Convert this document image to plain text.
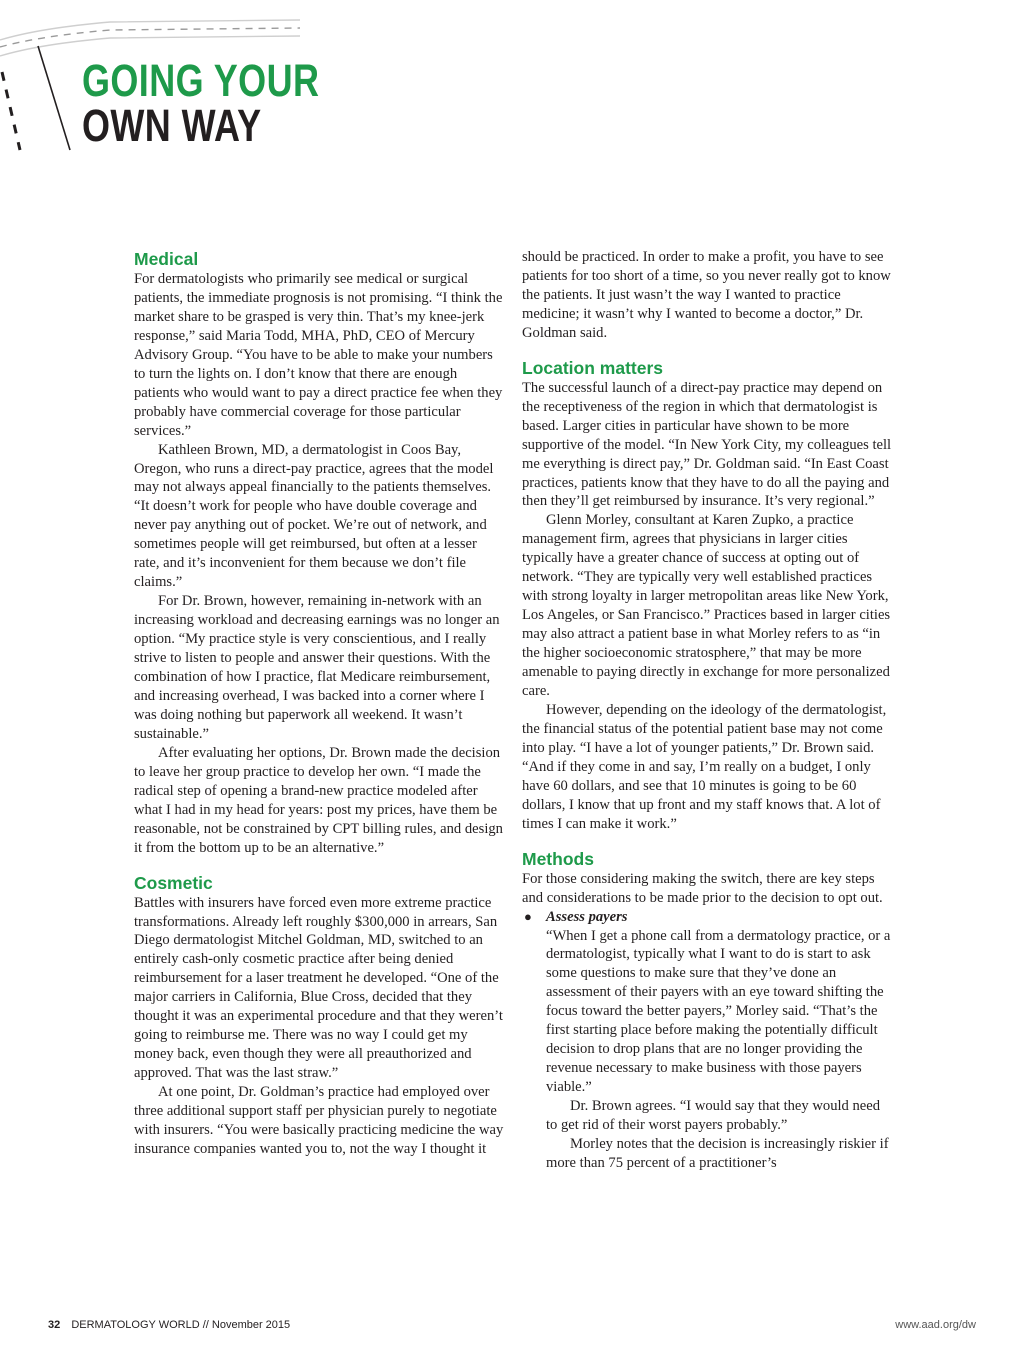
GOING YOUR
OWN WAY
Medical

For dermatologists who primarily see medical or surgical patients, the immediate prognosis is not promising. “I think the market share to be grasped is very thin. That’s my knee-jerk response,” said Maria Todd, MHA, PhD, CEO of Mercury Advisory Group. “You have to be able to make your numbers to turn the lights on. I don’t know that there are enough patients who would want to pay a direct practice fee when they probably have commercial coverage for those particular services.”

Kathleen Brown, MD, a dermatologist in Coos Bay, Oregon, who runs a direct-pay practice, agrees that the model may not always appeal financially to the patients themselves. “It doesn’t work for people who have double coverage and never pay anything out of pocket. We’re out of network, and sometimes people will get reimbursed, but often at a lesser rate, and it’s inconvenient for them because we don’t file claims.”

For Dr. Brown, however, remaining in-network with an increasing workload and decreasing earnings was no longer an option. “My practice style is very conscientious, and I really strive to listen to people and answer their questions. With the combination of how I practice, flat Medicare reimbursement, and increasing overhead, I was backed into a corner where I was doing nothing but paperwork all weekend. It wasn’t sustainable.”

After evaluating her options, Dr. Brown made the decision to leave her group practice to develop her own. “I made the radical step of opening a brand-new practice modeled after what I had in my head for years: post my prices, have them be reasonable, not be constrained by CPT billing rules, and design it from the bottom up to be an alternative.”

Cosmetic

Battles with insurers have forced even more extreme practice transformations. Already left roughly $300,000 in arrears, San Diego dermatologist Mitchel Goldman, MD, switched to an entirely cash-only cosmetic practice after being denied reimbursement for a laser treatment he developed. “One of the major carriers in California, Blue Cross, decided that they thought it was an experimental procedure and that they weren’t going to reimburse me. There was no way I could get my money back, even though they were all preauthorized and approved. That was the last straw.”

At one point, Dr. Goldman’s practice had employed over three additional support staff per physician purely to negotiate with insurers. “You were basically practicing medicine the way insurance companies wanted you to, not the way I thought it

should be practiced. In order to make a profit, you have to see patients for too short of a time, so you never really got to know the patients. It just wasn’t the way I wanted to practice medicine; it wasn’t why I wanted to become a doctor,” Dr. Goldman said.

Location matters

The successful launch of a direct-pay practice may depend on the receptiveness of the region in which that dermatologist is based. Larger cities in particular have shown to be more supportive of the model. “In New York City, my colleagues tell me everything is direct pay,” Dr. Goldman said. “In East Coast practices, patients know that they have to do all the paying and then they’ll get reimbursed by insurance. It’s very regional.”

Glenn Morley, consultant at Karen Zupko, a practice management firm, agrees that physicians in larger cities typically have a greater chance of success at opting out of network. “They are typically very well established practices with strong loyalty in larger metropolitan areas like New York, Los Angeles, or San Francisco.” Practices based in larger cities may also attract a patient base in what Morley refers to as “in the higher socioeconomic stratosphere,” that may be more amenable to paying directly in exchange for more personalized care.

However, depending on the ideology of the dermatologist, the financial status of the potential patient base may not come into play. “I have a lot of younger patients,” Dr. Brown said. “And if they come in and say, I’m really on a budget, I only have 60 dollars, and see that 10 minutes is going to be 60 dollars, I know that up front and my staff knows that. A lot of times I can make it work.”

Methods

For those considering making the switch, there are key steps and considerations to be made prior to the decision to opt out.

● Assess payers

“When I get a phone call from a dermatology practice, or a dermatologist, typically what I want to do is start to ask some questions to make sure that they’ve done an assessment of their payers with an eye toward shifting the focus toward the better payers,” Morley said. “That’s the first starting place before making the potentially difficult decision to drop plans that are no longer providing the revenue necessary to make business with those payers viable.”

Dr. Brown agrees. “I would say that they would need to get rid of their worst payers probably.”

Morley notes that the decision is increasingly riskier if more than 75 percent of a practitioner’s

32 DERMATOLOGY WORLD // November 2015	www.aad.org/dw
